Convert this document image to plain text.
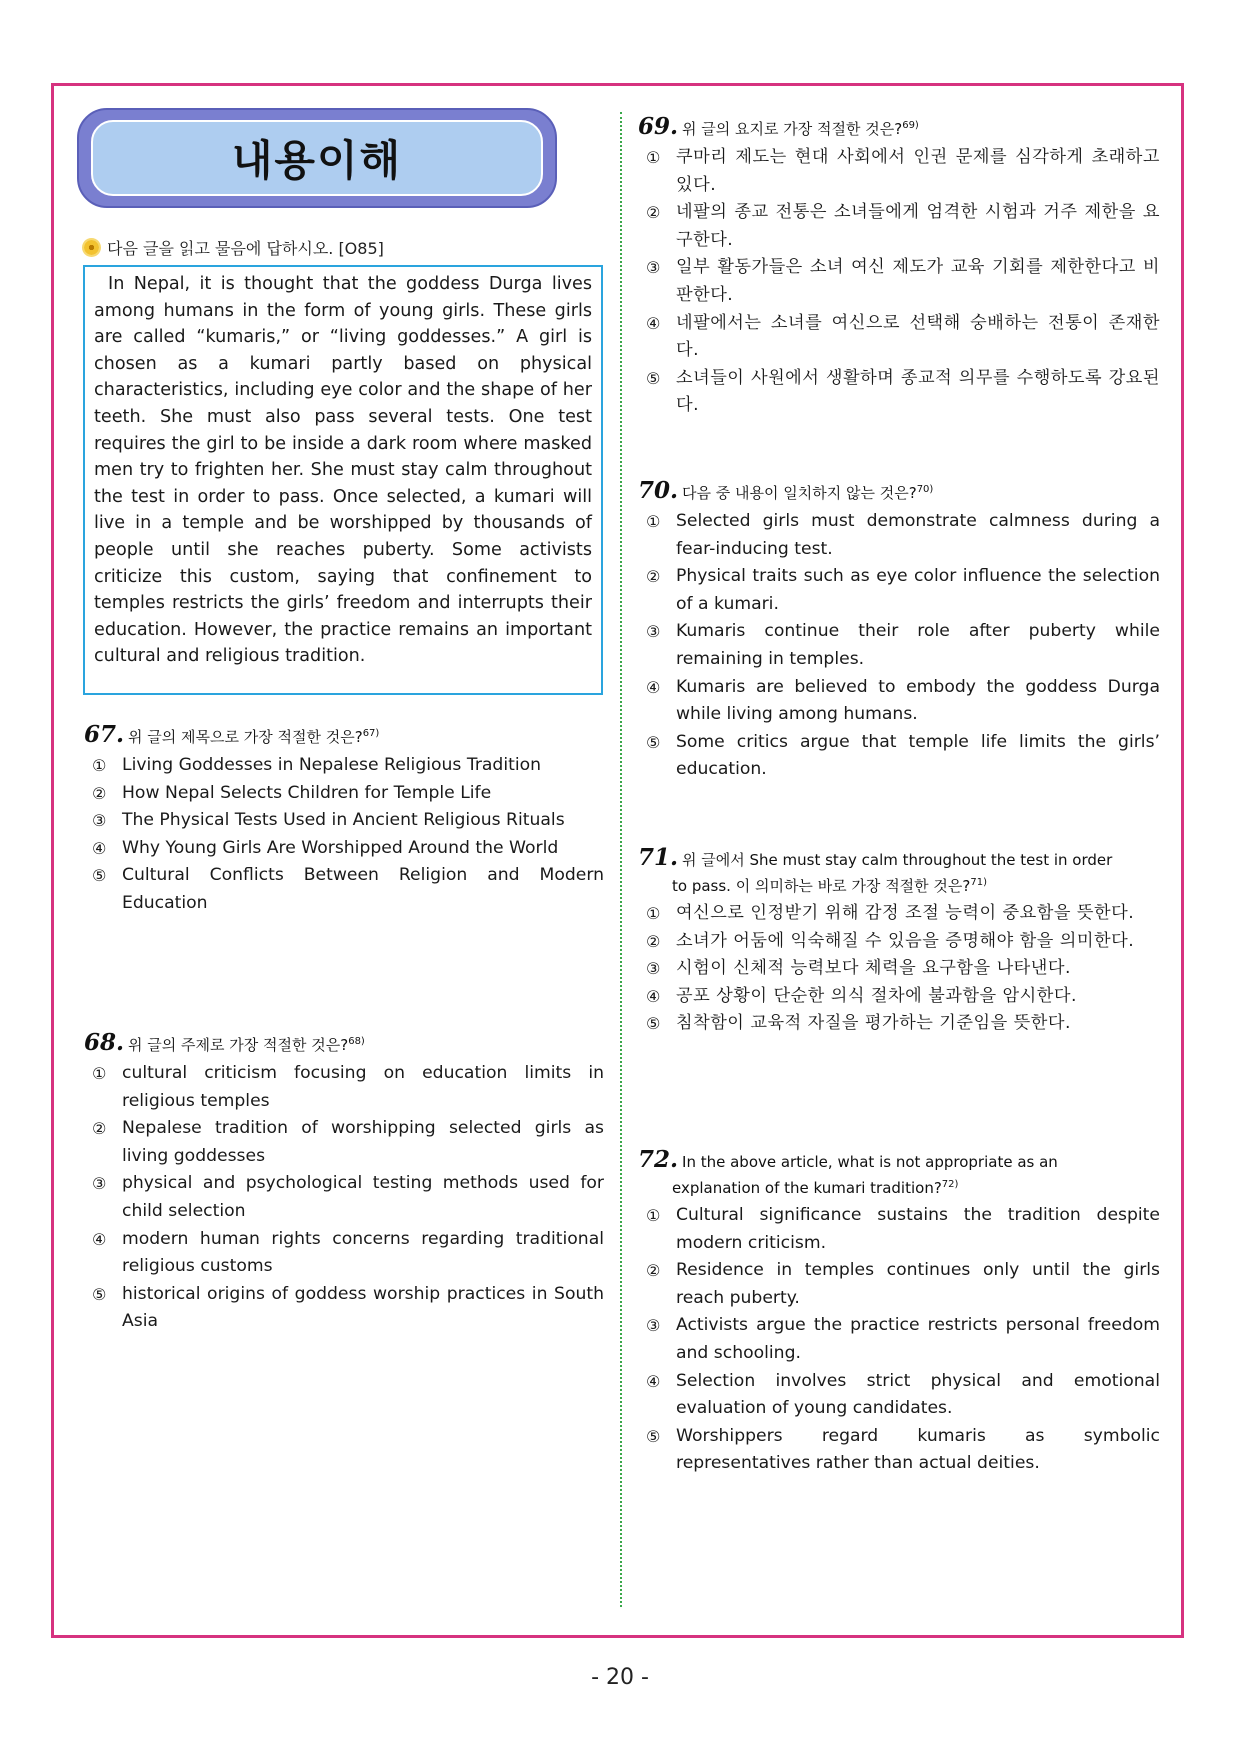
내용이해
다음 글을 읽고 물음에 답하시오. [O85]
In Nepal, it is thought that the goddess Durga lives among humans in the form of young girls. These girls are called “kumaris,” or “living goddesses.” A girl is chosen as a kumari partly based on physical characteristics, including eye color and the shape of her teeth. She must also pass several tests. One test requires the girl to be inside a dark room where masked men try to frighten her. She must stay calm throughout the test in order to pass. Once selected, a kumari will live in a temple and be worshipped by thousands of people until she reaches puberty. Some activists criticize this custom, saying that confinement to temples restricts the girls’ freedom and interrupts their education. However, the practice remains an important cultural and religious tradition.
67. 위 글의 제목으로 가장 적절한 것은?$^{67)}$
① Living Goddesses in Nepalese Religious Tradition
② How Nepal Selects Children for Temple Life
③ The Physical Tests Used in Ancient Religious Rituals
④ Why Young Girls Are Worshipped Around the World
⑤ Cultural Conflicts Between Religion and Modern Education
68. 위 글의 주제로 가장 적절한 것은?$^{68)}$
① cultural criticism focusing on education limits in religious temples
② Nepalese tradition of worshipping selected girls as living goddesses
③ physical and psychological testing methods used for child selection
④ modern human rights concerns regarding traditional religious customs
⑤ historical origins of goddess worship practices in South Asia
69. 위 글의 요지로 가장 적절한 것은?$^{69)}$
① 쿠마리 제도는 현대 사회에서 인권 문제를 심각하게 초래하고 있다.
② 네팔의 종교 전통은 소녀들에게 엄격한 시험과 거주 제한을 요구한다.
③ 일부 활동가들은 소녀 여신 제도가 교육 기회를 제한한다고 비판한다.
④ 네팔에서는 소녀를 여신으로 선택해 숭배하는 전통이 존재한다.
⑤ 소녀들이 사원에서 생활하며 종교적 의무를 수행하도록 강요된다.
70. 다음 중 내용이 일치하지 않는 것은?$^{70)}$
① Selected girls must demonstrate calmness during a fear-inducing test.
② Physical traits such as eye color influence the selection of a kumari.
③ Kumaris continue their role after puberty while remaining in temples.
④ Kumaris are believed to embody the goddess Durga while living among humans.
⑤ Some critics argue that temple life limits the girls’ education.
71. 위 글에서 She must stay calm throughout the test in order
to pass. 이 의미하는 바로 가장 적절한 것은?$^{71)}$
① 여신으로 인정받기 위해 감정 조절 능력이 중요함을 뜻한다.
② 소녀가 어둠에 익숙해질 수 있음을 증명해야 함을 의미한다.
③ 시험이 신체적 능력보다 체력을 요구함을 나타낸다.
④ 공포 상황이 단순한 의식 절차에 불과함을 암시한다.
⑤ 침착함이 교육적 자질을 평가하는 기준임을 뜻한다.
72. In the above article, what is not appropriate as an
explanation of the kumari tradition?$^{72)}$
① Cultural significance sustains the tradition despite modern criticism.
② Residence in temples continues only until the girls reach puberty.
③ Activists argue the practice restricts personal freedom and schooling.
④ Selection involves strict physical and emotional evaluation of young candidates.
⑤ Worshippers regard kumaris as symbolic representatives rather than actual deities.
- 20 -
